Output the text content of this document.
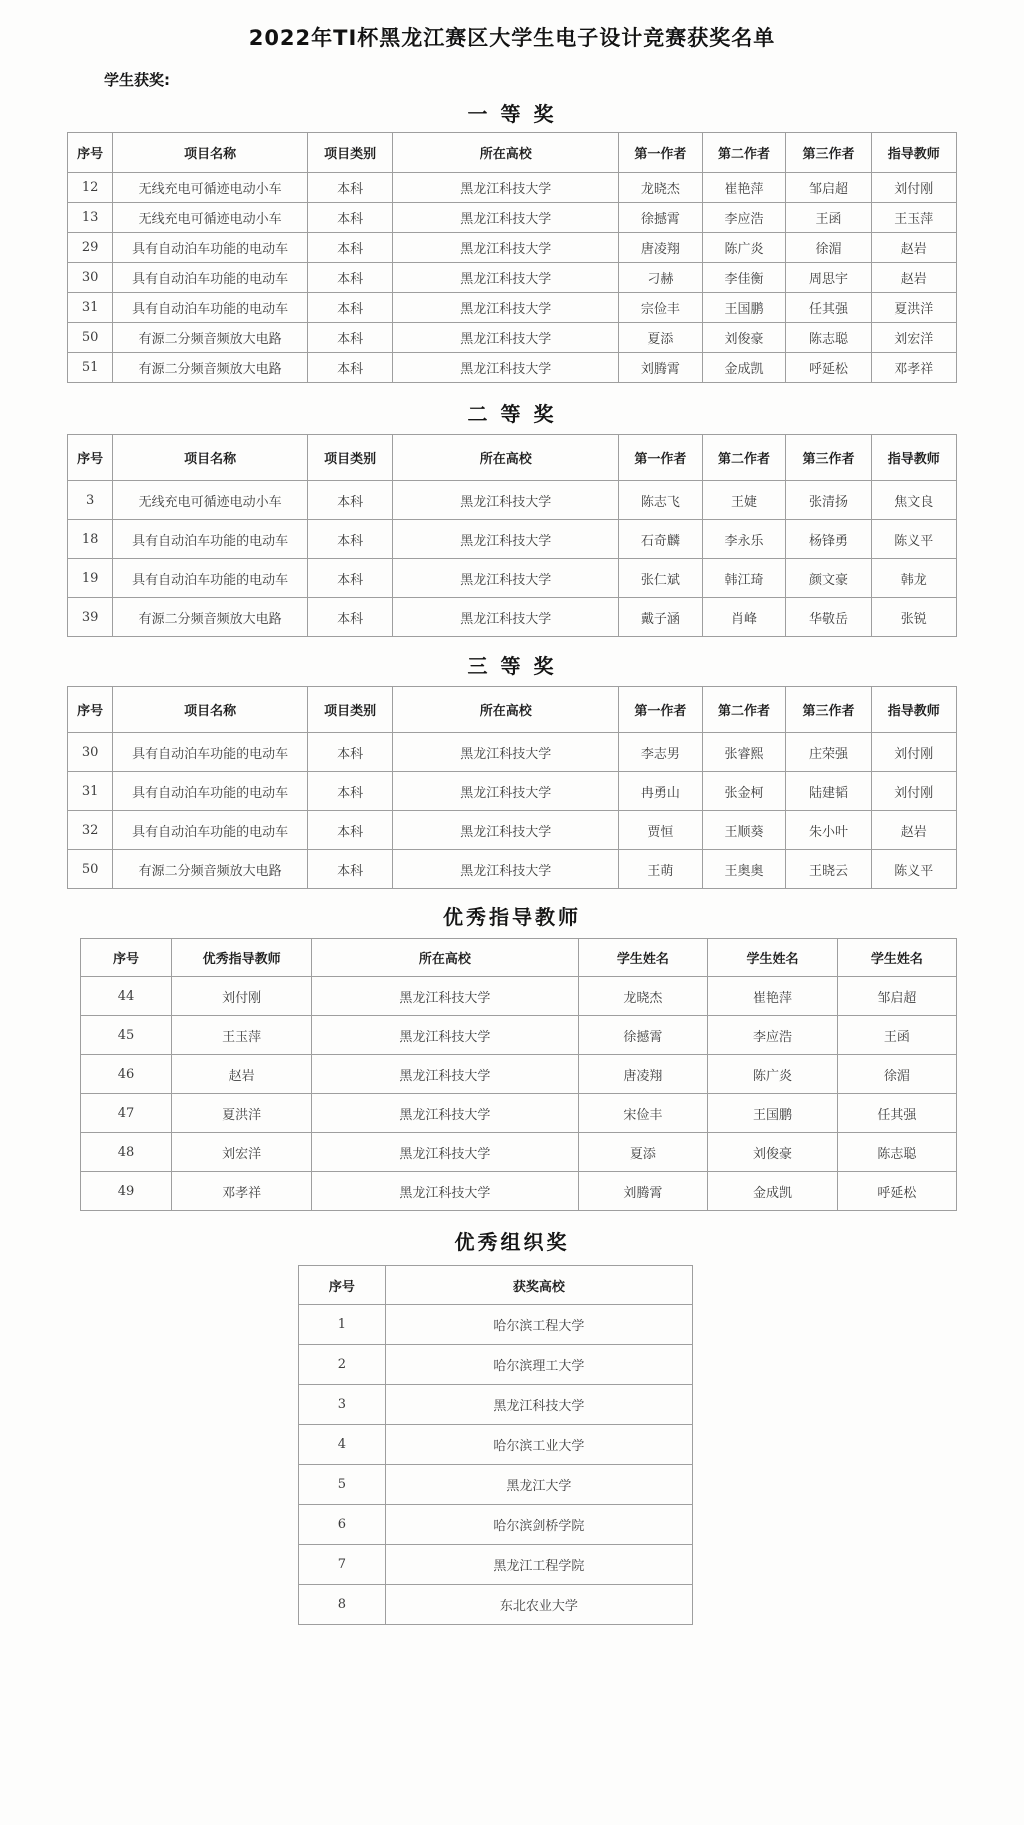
2022年TI杯黑龙江赛区大学生电子设计竞赛获奖名单
学生获奖:
一 等 奖
序号	项目名称	项目类别	所在高校	第一作者	第二作者	第三作者	指导教师
12	无线充电可循迹电动小车	本科	黑龙江科技大学	龙晓杰	崔艳萍	邹启超	刘付刚
13	无线充电可循迹电动小车	本科	黑龙江科技大学	徐撼霄	李应浩	王函	王玉萍
29	具有自动泊车功能的电动车	本科	黑龙江科技大学	唐凌翔	陈广炎	徐湄	赵岩
30	具有自动泊车功能的电动车	本科	黑龙江科技大学	刁赫	李佳衡	周思宇	赵岩
31	具有自动泊车功能的电动车	本科	黑龙江科技大学	宗俭丰	王国鹏	任其强	夏洪洋
50	有源二分频音频放大电路	本科	黑龙江科技大学	夏添	刘俊豪	陈志聪	刘宏洋
51	有源二分频音频放大电路	本科	黑龙江科技大学	刘腾霄	金成凯	呼延松	邓孝祥
二 等 奖
序号	项目名称	项目类别	所在高校	第一作者	第二作者	第三作者	指导教师
3	无线充电可循迹电动小车	本科	黑龙江科技大学	陈志飞	王婕	张清扬	焦文良
18	具有自动泊车功能的电动车	本科	黑龙江科技大学	石奇麟	李永乐	杨锋勇	陈义平
19	具有自动泊车功能的电动车	本科	黑龙江科技大学	张仁斌	韩江琦	颜文豪	韩龙
39	有源二分频音频放大电路	本科	黑龙江科技大学	戴子涵	肖峰	华敬岳	张锐
三 等 奖
序号	项目名称	项目类别	所在高校	第一作者	第二作者	第三作者	指导教师
30	具有自动泊车功能的电动车	本科	黑龙江科技大学	李志男	张睿熙	庄荣强	刘付刚
31	具有自动泊车功能的电动车	本科	黑龙江科技大学	冉勇山	张金柯	陆建韬	刘付刚
32	具有自动泊车功能的电动车	本科	黑龙江科技大学	贾恒	王顺葵	朱小叶	赵岩
50	有源二分频音频放大电路	本科	黑龙江科技大学	王萌	王奥奥	王晓云	陈义平
优秀指导教师
序号	优秀指导教师	所在高校	学生姓名	学生姓名	学生姓名
44	刘付刚	黑龙江科技大学	龙晓杰	崔艳萍	邹启超
45	王玉萍	黑龙江科技大学	徐撼霄	李应浩	王函
46	赵岩	黑龙江科技大学	唐凌翔	陈广炎	徐湄
47	夏洪洋	黑龙江科技大学	宋俭丰	王国鹏	任其强
48	刘宏洋	黑龙江科技大学	夏添	刘俊豪	陈志聪
49	邓孝祥	黑龙江科技大学	刘腾霄	金成凯	呼延松
优秀组织奖
序号	获奖高校
1	哈尔滨工程大学
2	哈尔滨理工大学
3	黑龙江科技大学
4	哈尔滨工业大学
5	黑龙江大学
6	哈尔滨剑桥学院
7	黑龙江工程学院
8	东北农业大学
